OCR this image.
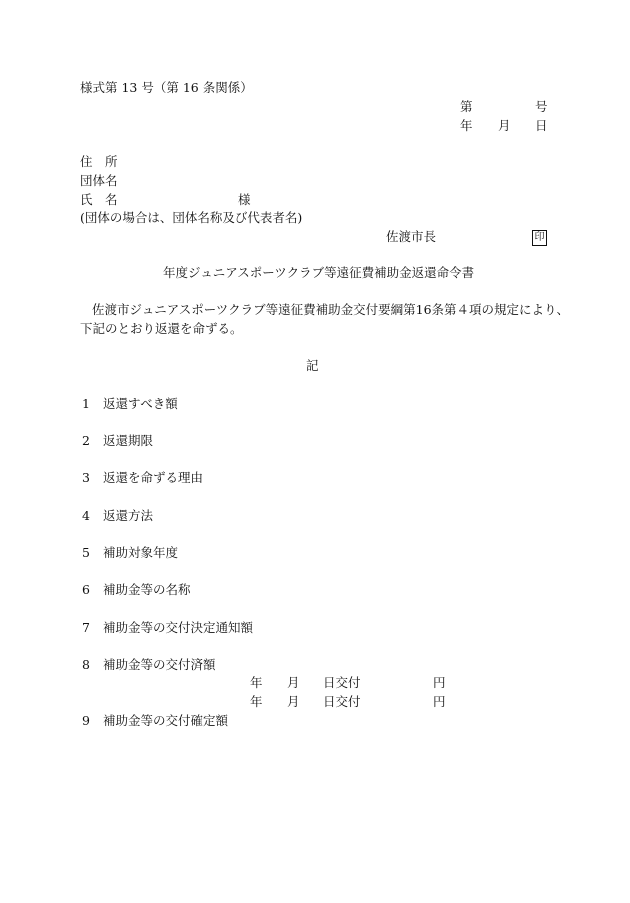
様式第 13 号（第 16 条関係）
第	号
年 月 日
住　所
団体名
氏　名	様
(団体の場合は、団体名称及び代表者名)
佐渡市長	印
年度ジュニアスポーツクラブ等遠征費補助金返還命令書
佐渡市ジュニアスポーツクラブ等遠征費補助金交付要綱第16条第４項の規定により、
下記のとおり返還を命ずる。
記
1 返還すべき額
2 返還期限
3 返還を命ずる理由
4 返還方法
5 補助対象年度
6 補助金等の名称
7 補助金等の交付決定通知額
8 補助金等の交付済額
年 月 日交付	円
年 月 日交付	円
9 補助金等の交付確定額
